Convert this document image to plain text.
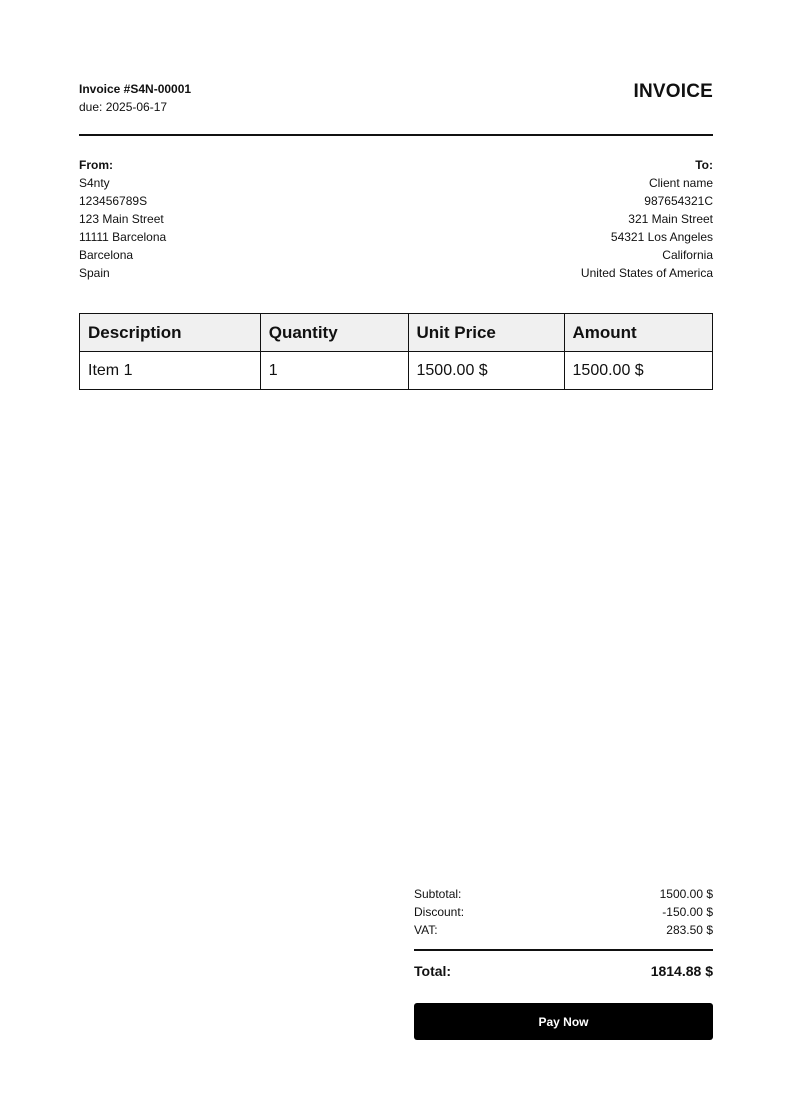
Invoice #S4N-00001
due: 2025-06-17
INVOICE
From:
S4nty
123456789S
123 Main Street
11111 Barcelona
Barcelona
Spain
To:
Client name
987654321C
321 Main Street
54321 Los Angeles
California
United States of America
Description	Quantity	Unit Price	Amount
Item 1	1	1500.00 $	1500.00 $
Subtotal:	1500.00 $
Discount:	-150.00 $
VAT:	283.50 $
Total:	1814.88 $
Pay Now
